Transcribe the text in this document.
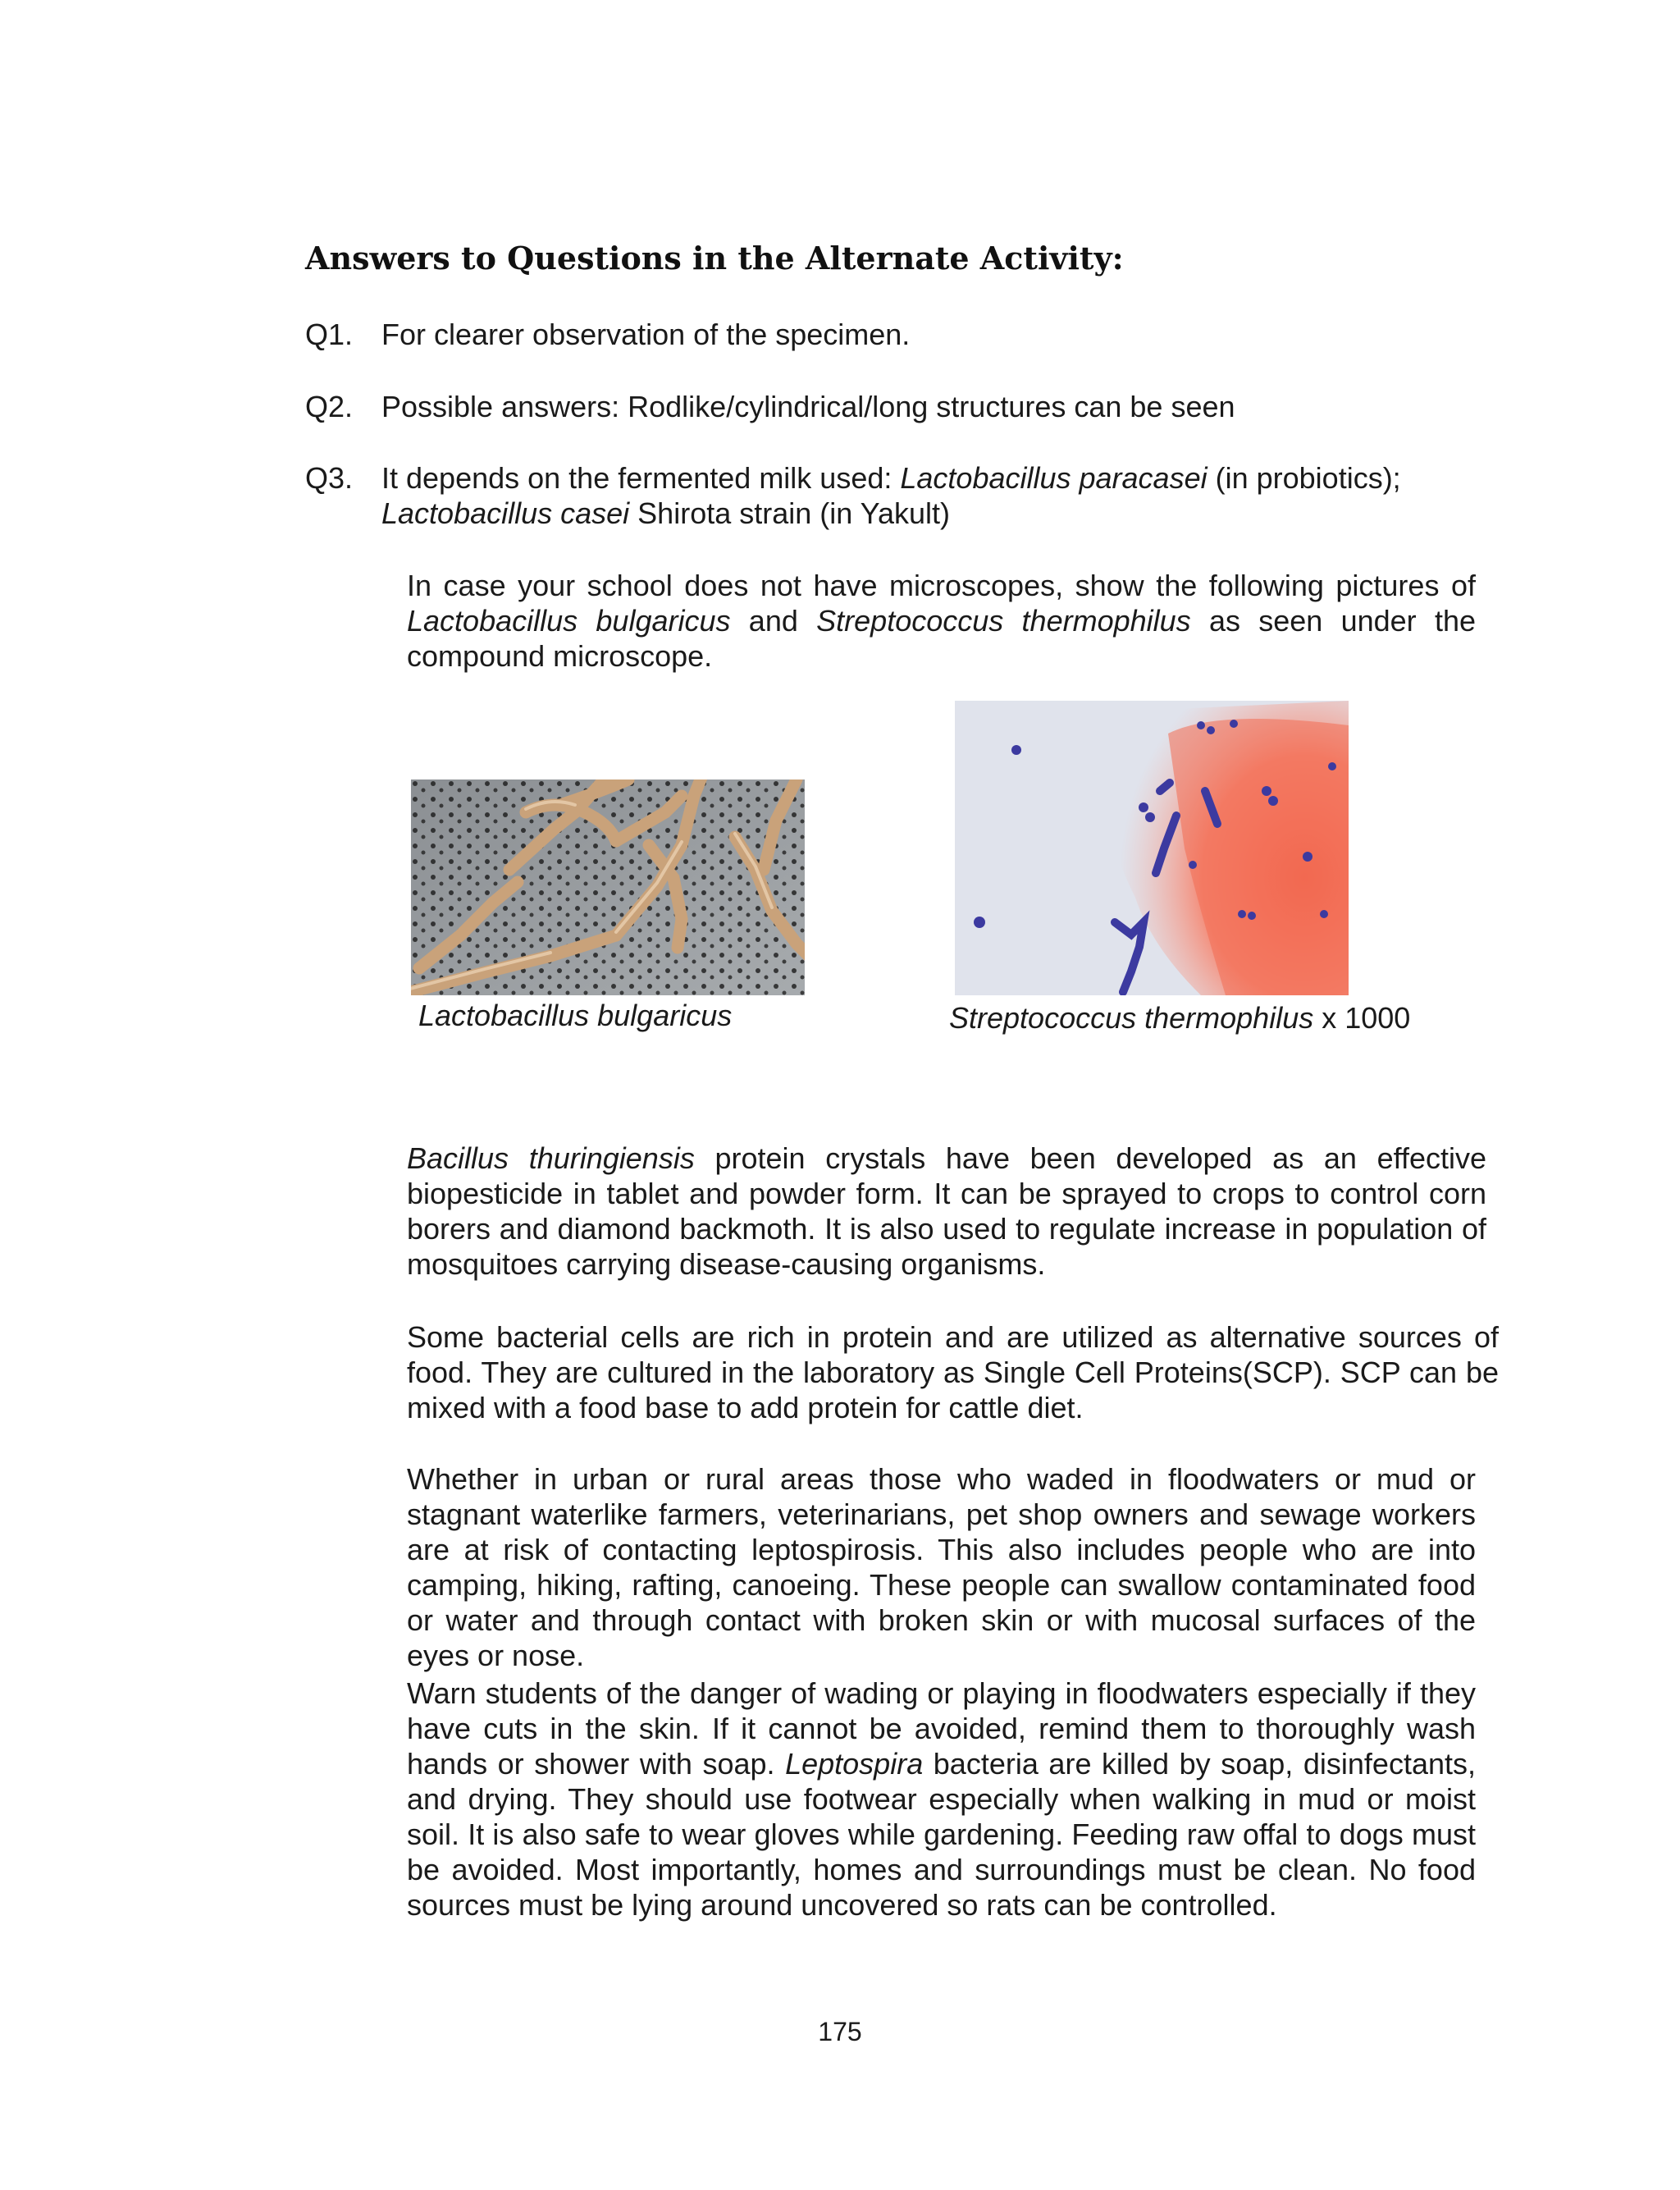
Answers to Questions in the Alternate Activity:
Q1. For clearer observation of the specimen.
Q2. Possible answers: Rodlike/cylindrical/long structures can be seen
Q3. It depends on the fermented milk used: Lactobacillus paracasei (in probiotics);
Lactobacillus casei Shirota strain (in Yakult)
In case your school does not have microscopes, show the following pictures of Lactobacillus bulgaricus and Streptococcus thermophilus as seen under the compound microscope.
Lactobacillus bulgaricus	Streptococcus thermophilus x 1000
Bacillus thuringiensis protein crystals have been developed as an effective biopesticide in tablet and powder form. It can be sprayed to crops to control corn borers and diamond backmoth. It is also used to regulate increase in population of mosquitoes carrying disease-causing organisms.
Some bacterial cells are rich in protein and are utilized as alternative sources of food. They are cultured in the laboratory as Single Cell Proteins(SCP). SCP can be mixed with a food base to add protein for cattle diet.
Whether in urban or rural areas those who waded in floodwaters or mud or stagnant waterlike farmers, veterinarians, pet shop owners and sewage workers are at risk of contacting leptospirosis. This also includes people who are into camping, hiking, rafting, canoeing. These people can swallow contaminated food or water and through contact with broken skin or with mucosal surfaces of the eyes or nose.
Warn students of the danger of wading or playing in floodwaters especially if they have cuts in the skin. If it cannot be avoided, remind them to thoroughly wash hands or shower with soap. Leptospira bacteria are killed by soap, disinfectants, and drying. They should use footwear especially when walking in mud or moist soil. It is also safe to wear gloves while gardening. Feeding raw offal to dogs must be avoided. Most importantly, homes and surroundings must be clean. No food sources must be lying around uncovered so rats can be controlled.
175
